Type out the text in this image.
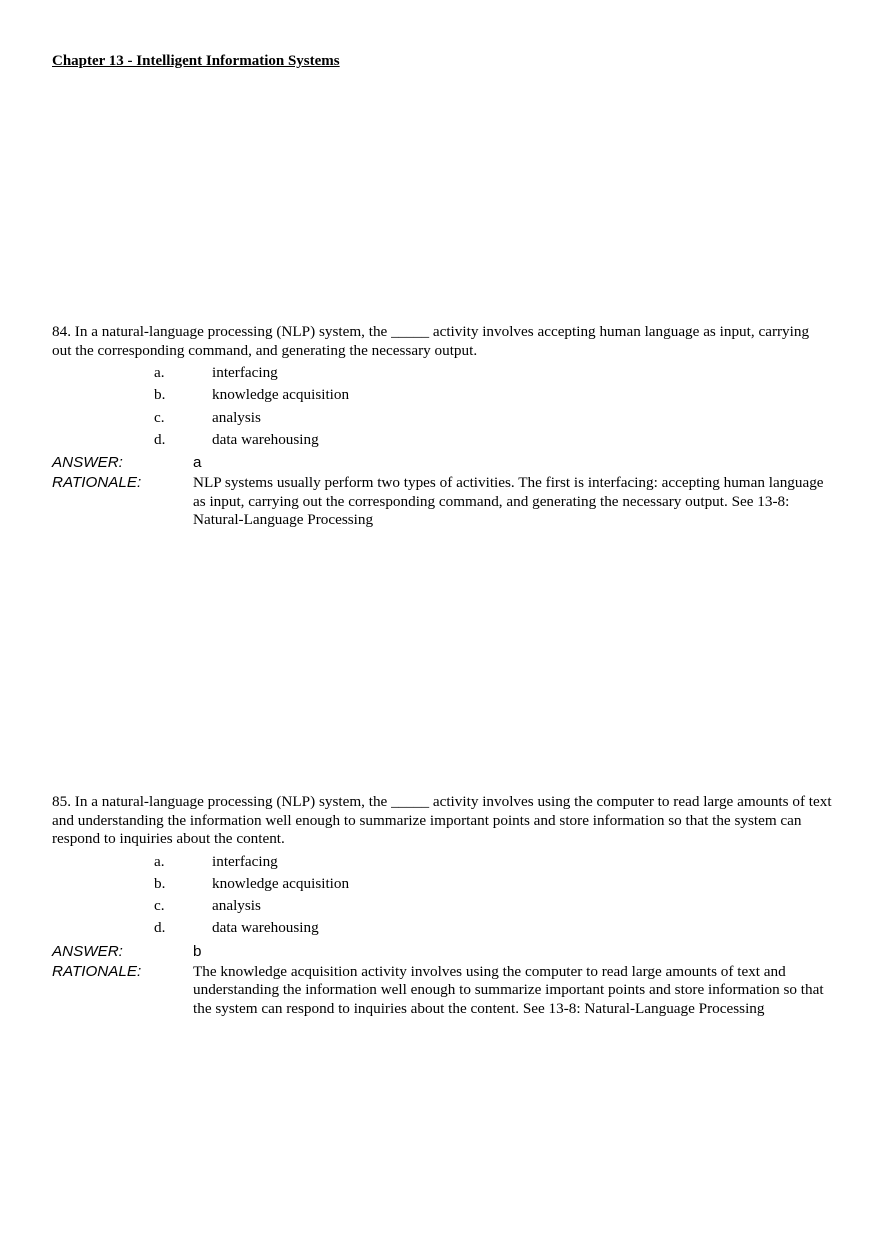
Chapter 13 - Intelligent Information Systems

84. In a natural-language processing (NLP) system, the _____ activity involves accepting human language as input, carrying out the corresponding command, and generating the necessary output.

a.	interfacing
b.	knowledge acquisition
c.	analysis
d.	data warehousing
ANSWER:	a
RATIONALE:	NLP systems usually perform two types of activities. The first is interfacing: accepting human language as input, carrying out the corresponding command, and generating the necessary output. See 13-8: Natural-Language Processing

85. In a natural-language processing (NLP) system, the _____ activity involves using the computer to read large amounts of text and understanding the information well enough to summarize important points and store information so that the system can respond to inquiries about the content.

a.	interfacing
b.	knowledge acquisition
c.	analysis
d.	data warehousing
ANSWER:	b
RATIONALE:	The knowledge acquisition activity involves using the computer to read large amounts of text and understanding the information well enough to summarize important points and store information so that the system can respond to inquiries about the content. See 13-8: Natural-Language Processing
